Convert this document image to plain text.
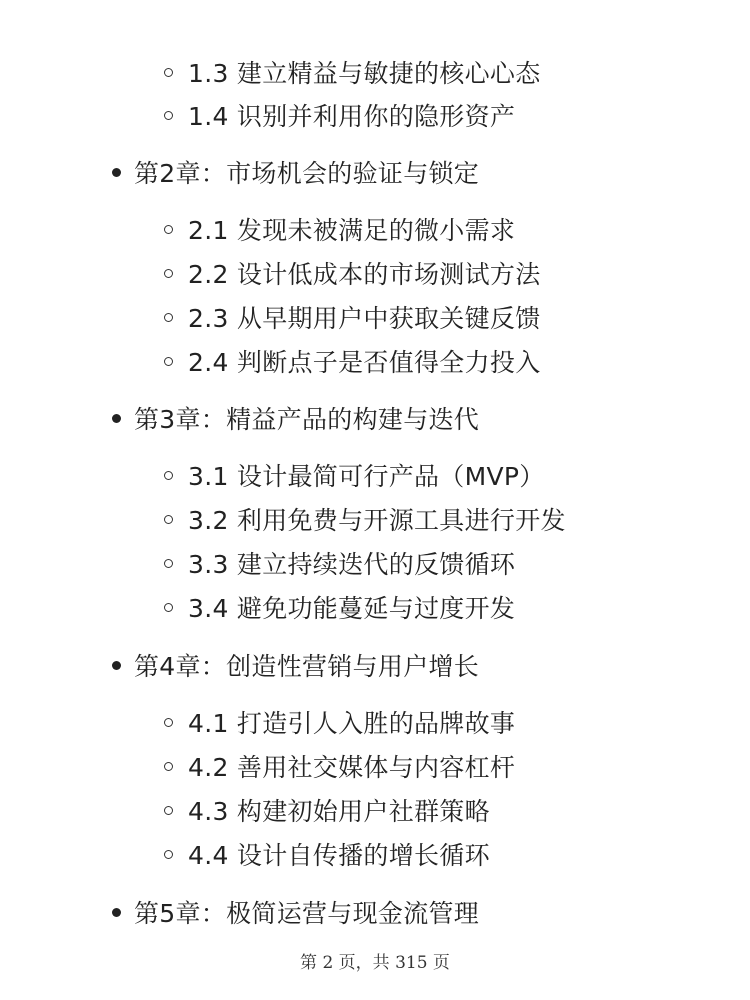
1.3 建立精益与敏捷的核心心态
1.4 识别并利用你的隐形资产
第2章：市场机会的验证与锁定
2.1 发现未被满足的微小需求
2.2 设计低成本的市场测试方法
2.3 从早期用户中获取关键反馈
2.4 判断点子是否值得全力投入
第3章：精益产品的构建与迭代
3.1 设计最简可行产品（MVP）
3.2 利用免费与开源工具进行开发
3.3 建立持续迭代的反馈循环
3.4 避免功能蔓延与过度开发
第4章：创造性营销与用户增长
4.1 打造引人入胜的品牌故事
4.2 善用社交媒体与内容杠杆
4.3 构建初始用户社群策略
4.4 设计自传播的增长循环
第5章：极简运营与现金流管理
第 2 页，共 315 页
